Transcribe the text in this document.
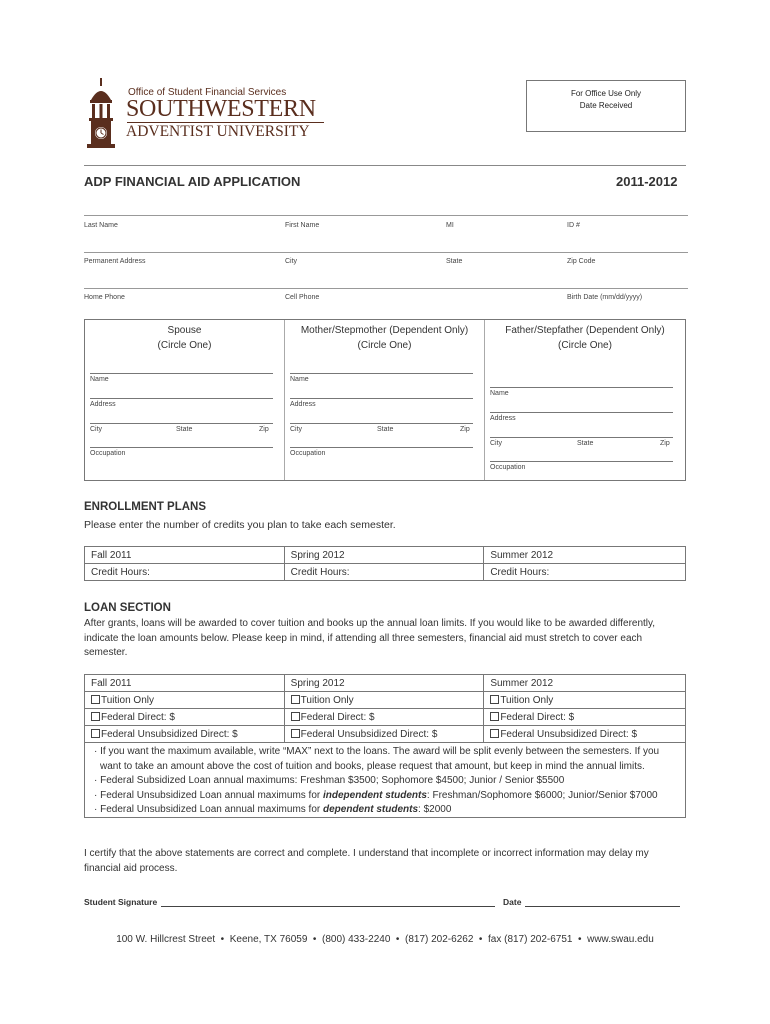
Office of Student Financial Services
SOUTHWESTERN
ADVENTIST UNIVERSITY
For Office Use Only
Date Received
ADP FINANCIAL AID APPLICATION	2011-2012
Last Name	First Name	MI	ID #
Permanent Address	City	State	Zip Code
Home Phone	Cell Phone	Birth Date (mm/dd/yyyy)
Spouse
(Circle One)
Name
Address
City	State	Zip
Occupation
Mother/Stepmother (Dependent Only)
(Circle One)
Name
Address
City	State	Zip
Occupation
Father/Stepfather (Dependent Only)
(Circle One)
Name
Address
City	State	Zip
Occupation
ENROLLMENT PLANS
Please enter the number of credits you plan to take each semester.
Fall 2011	Spring 2012	Summer 2012
Credit Hours:	Credit Hours:	Credit Hours:
LOAN SECTION
After grants, loans will be awarded to cover tuition and books up the annual loan limits. If you would like to be awarded differently, indicate the loan amounts below. Please keep in mind, if attending all three semesters, financial aid must stretch to cover each semester.
Fall 2011	Spring 2012	Summer 2012
Tuition Only	Tuition Only	Tuition Only
Federal Direct: $	Federal Direct: $	Federal Direct: $
Federal Unsubsidized Direct: $	Federal Unsubsidized Direct: $	Federal Unsubsidized Direct: $
· If you want the maximum available, write “MAX” next to the loans. The award will be split evenly between the semesters. If you want to take an amount above the cost of tuition and books, please request that amount, but keep in mind the annual limits.
· Federal Subsidized Loan annual maximums: Freshman $3500; Sophomore $4500; Junior / Senior $5500
· Federal Unsubsidized Loan annual maximums for independent students: Freshman/Sophomore $6000; Junior/Senior $7000
· Federal Unsubsidized Loan annual maximums for dependent students: $2000
I certify that the above statements are correct and complete. I understand that incomplete or incorrect information may delay my financial aid process.
Student Signature	Date
100 W. Hillcrest Street  •  Keene, TX 76059  •  (800) 433-2240  •  (817) 202-6262  •  fax (817) 202-6751  •  www.swau.edu
